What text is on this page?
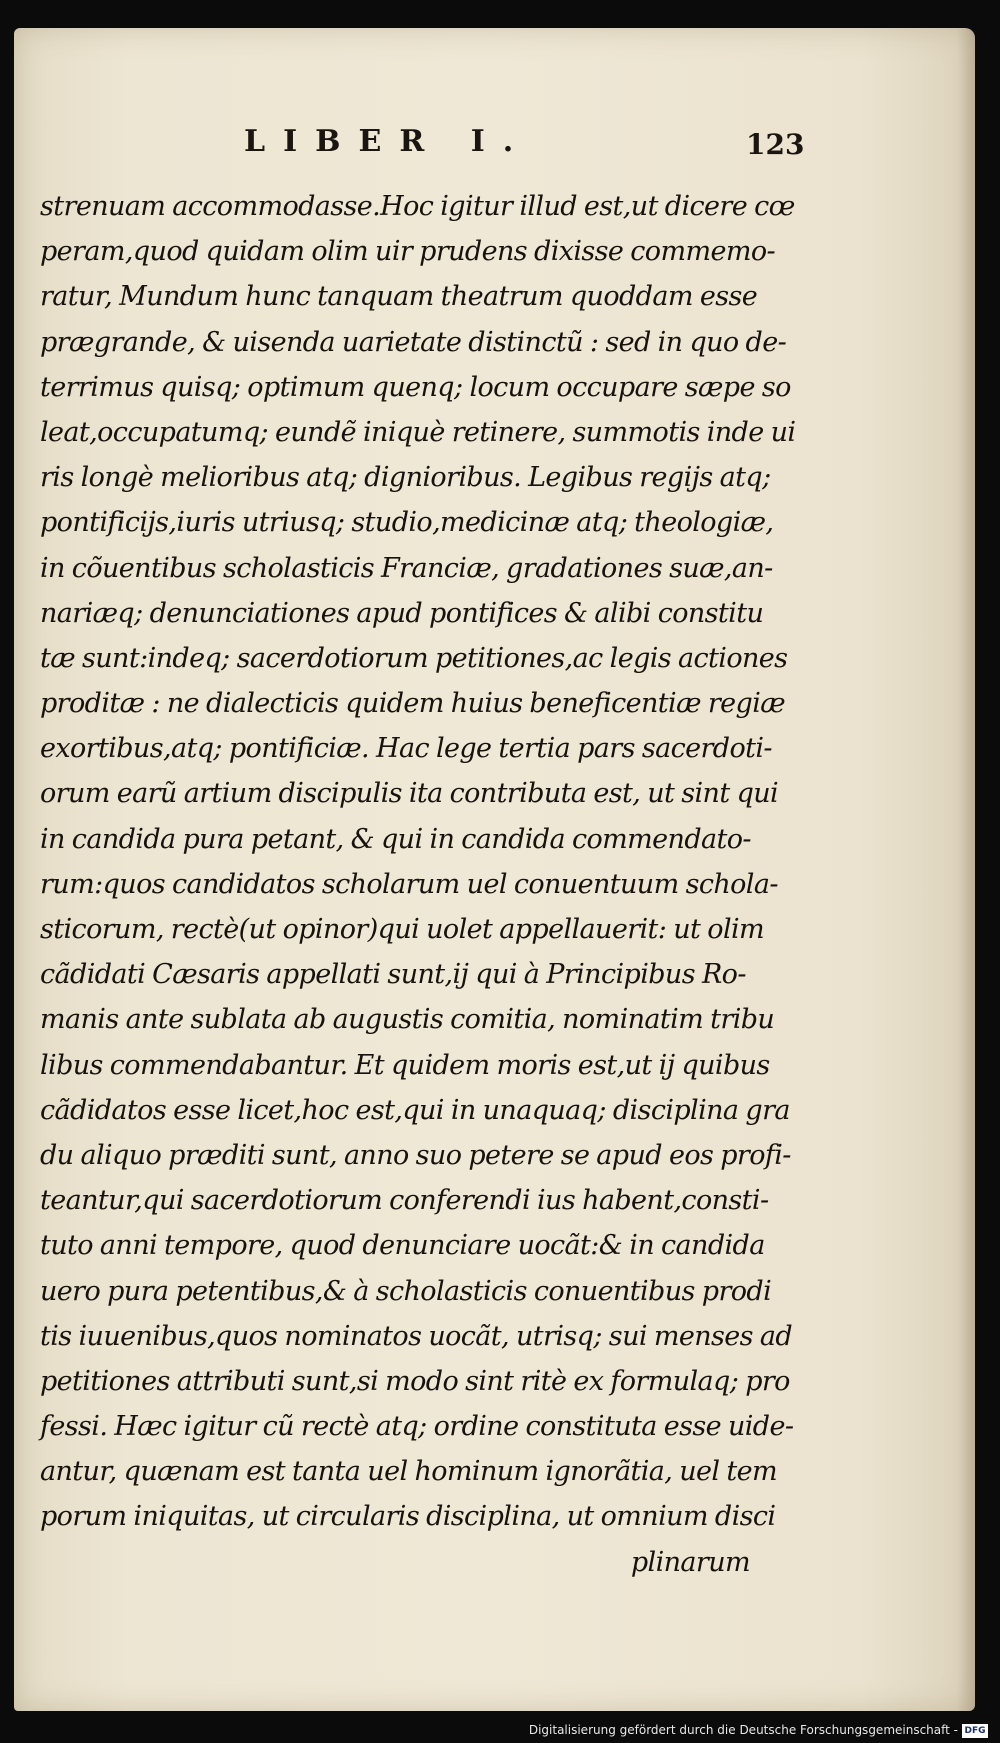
LIBER I.	123
strenuam accommodasse.Hoc igitur illud est,ut dicere cœ
peram,quod quidam olim uir prudens dixisse commemo‑
ratur, Mundum hunc tanquam theatrum quoddam esse
prægrande, & uisenda uarietate distinctũ : sed in quo de‑
terrimus quisq; optimum quenq; locum occupare sæpe so
leat,occupatumq; eundẽ iniquè retinere, summotis inde ui
ris longè melioribus atq; dignioribus. Legibus regijs atq;
pontificijs,iuris utriusq; studio,medicinæ atq; theologiæ,
in cõuentibus scholasticis Franciæ, gradationes suæ,an‑
nariæq; denunciationes apud pontifices & alibi constitu
tæ sunt:indeq; sacerdotiorum petitiones,ac legis actiones
proditæ : ne dialecticis quidem huius beneficentiæ regiæ
exortibus,atq; pontificiæ. Hac lege tertia pars sacerdoti‑
orum earũ artium discipulis ita contributa est, ut sint qui
in candida pura petant, & qui in candida commendato‑
rum:quos candidatos scholarum uel conuentuum schola‑
sticorum, rectè(ut opinor)qui uolet appellauerit: ut olim
cãdidati Cæsaris appellati sunt,ij qui à Principibus Ro‑
manis ante sublata ab augustis comitia, nominatim tribu
libus commendabantur. Et quidem moris est,ut ij quibus
cãdidatos esse licet,hoc est,qui in unaquaq; disciplina gra
du aliquo præditi sunt, anno suo petere se apud eos profi‑
teantur,qui sacerdotiorum conferendi ius habent,consti‑
tuto anni tempore, quod denunciare uocãt:& in candida
uero pura petentibus,& à scholasticis conuentibus prodi
tis iuuenibus,quos nominatos uocãt, utrisq; sui menses ad
petitiones attributi sunt,si modo sint ritè ex formulaq; pro
fessi. Hæc igitur cũ rectè atq; ordine constituta esse uide‑
antur, quænam est tanta uel hominum ignorãtia, uel tem
porum iniquitas, ut circularis disciplina, ut omnium disci
plinarum
Digitalisierung gefördert durch die Deutsche Forschungsgemeinschaft - DFG
